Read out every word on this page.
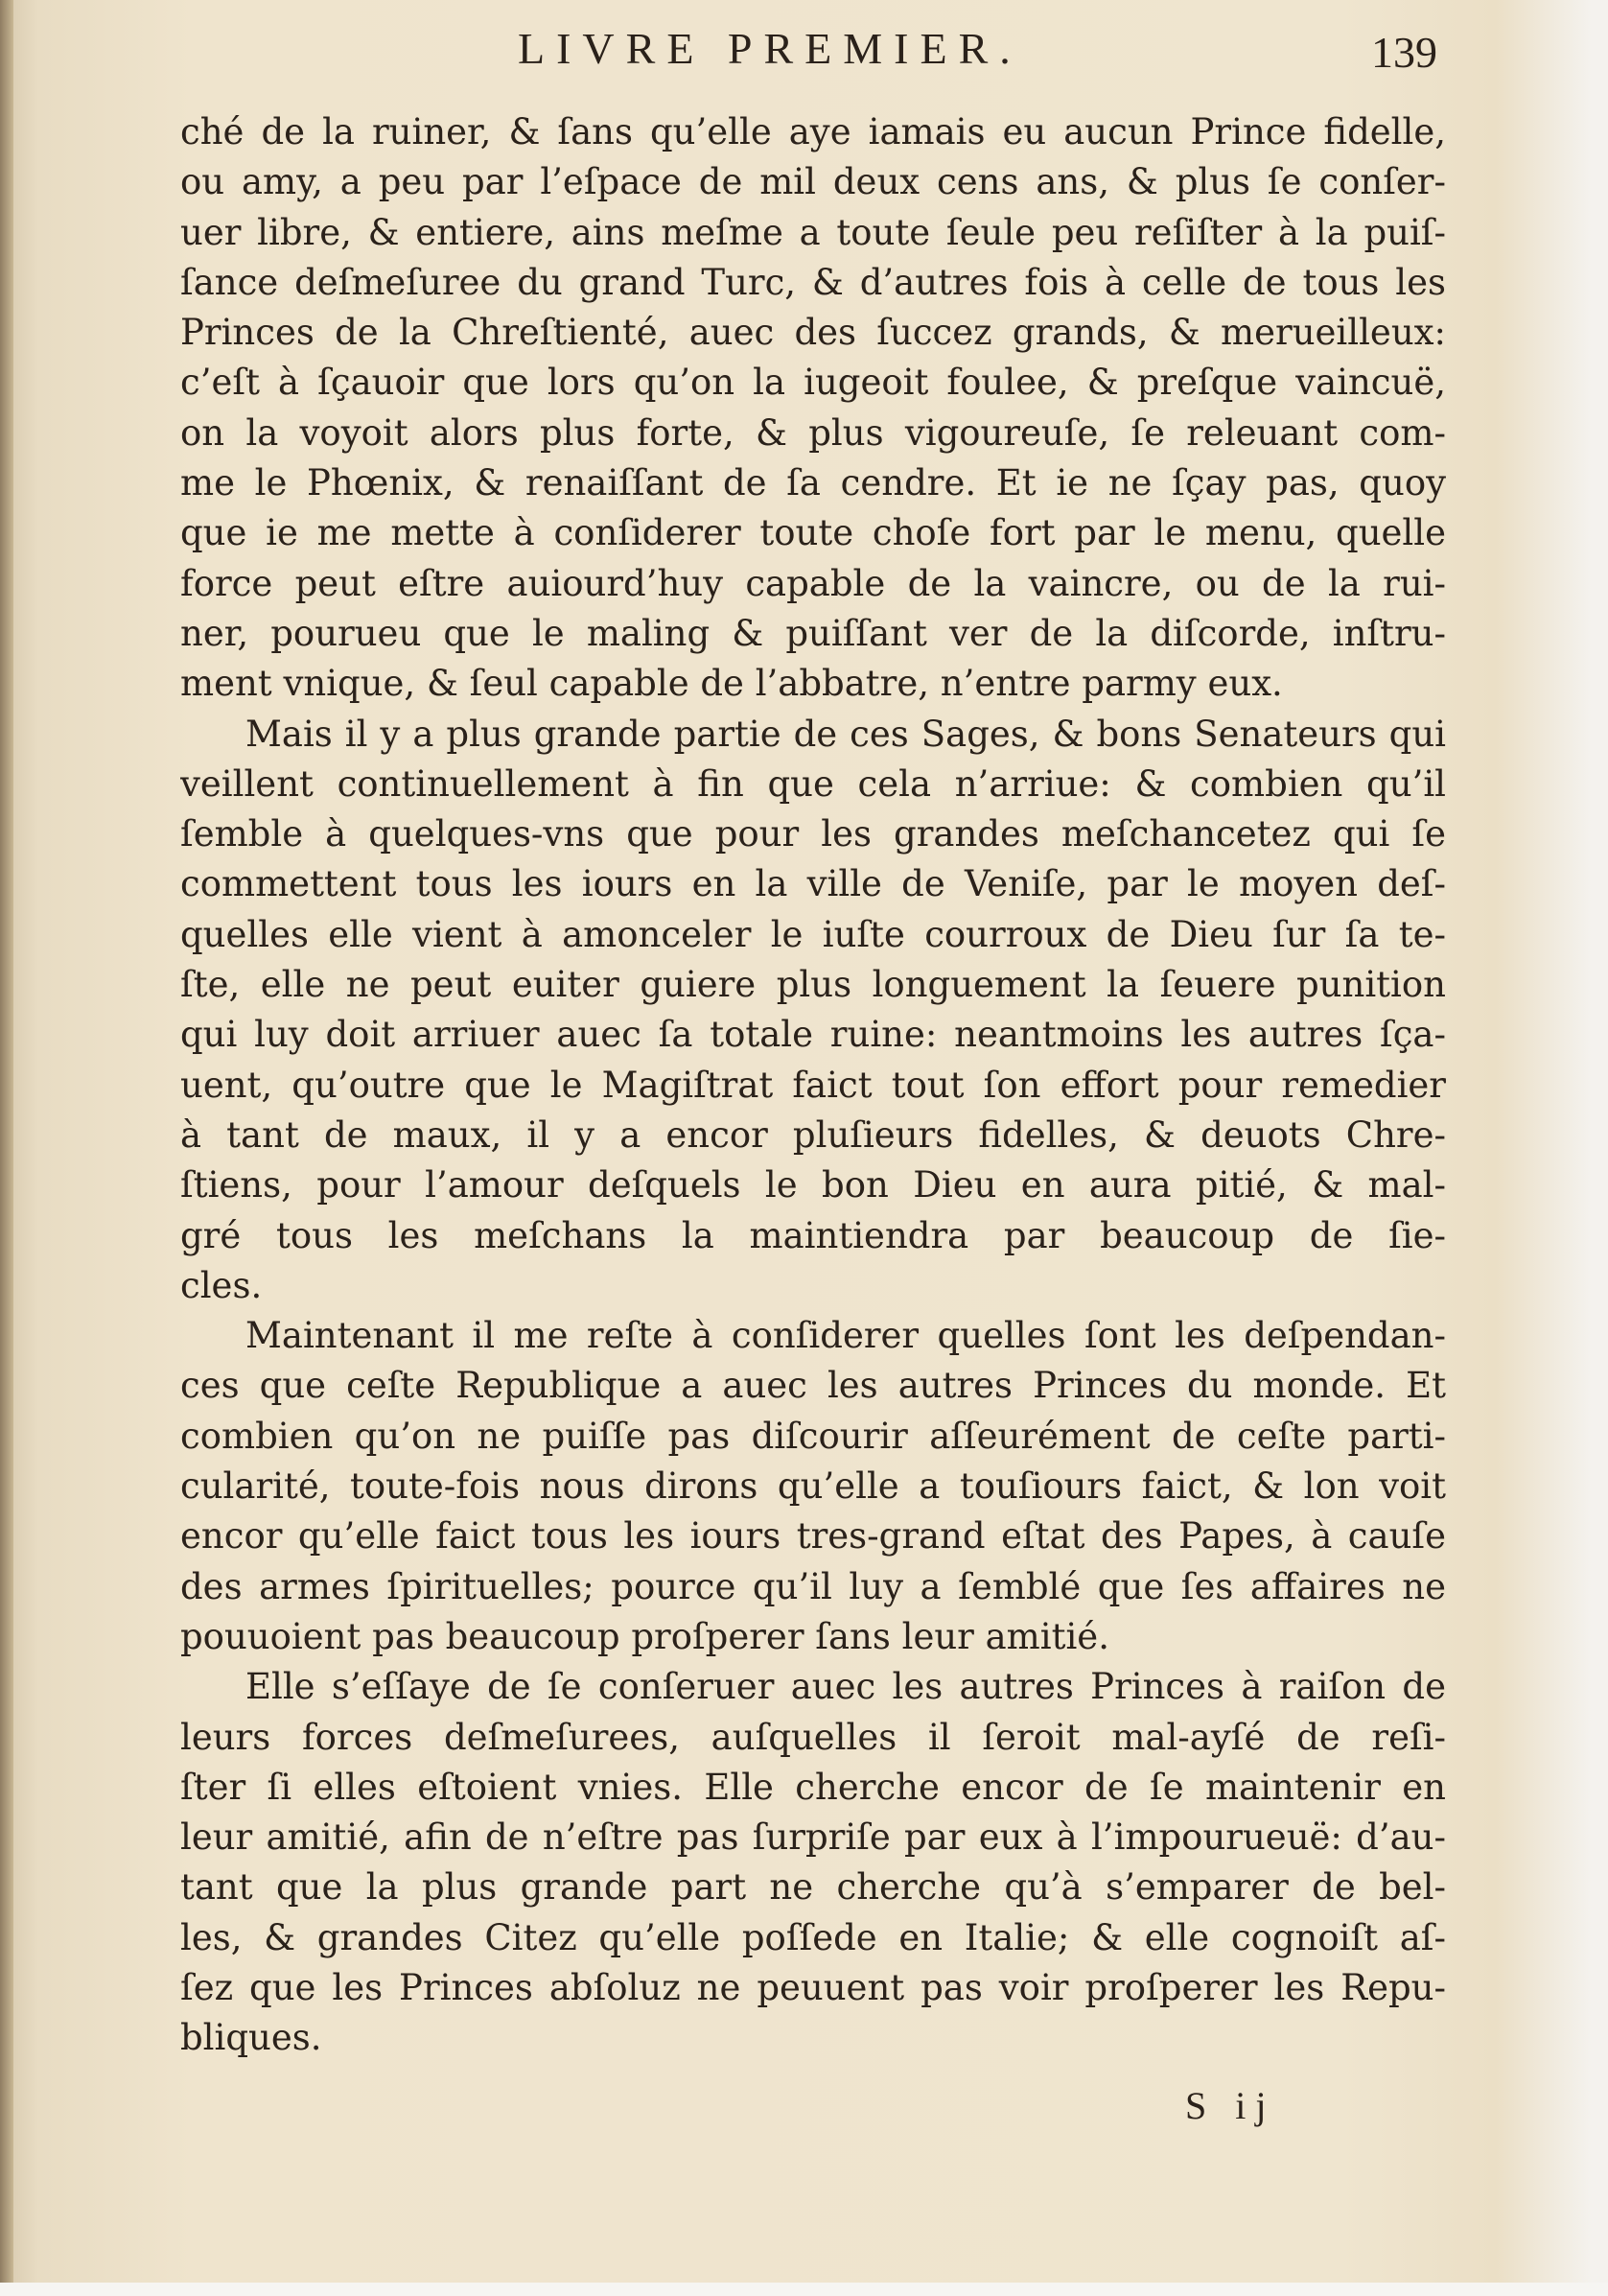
LIVRE PREMIER.	139
ché de la ruiner, & ſans qu’elle aye iamais eu aucun Prince fidelle,
ou amy, a peu par l’eſpace de mil deux cens ans, & plus ſe conſer-
uer libre, & entiere, ains meſme a toute ſeule peu reſiſter à la puiſ-
ſance deſmeſuree du grand Turc, & d’autres fois à celle de tous les
Princes de la Chreſtienté, auec des ſuccez grands, & merueilleux:
c’eſt à ſçauoir que lors qu’on la iugeoit foulee, & preſque vaincuë,
on la voyoit alors plus forte, & plus vigoureuſe, ſe releuant com-
me le Phœnix, & renaiſſant de ſa cendre. Et ie ne ſçay pas, quoy
que ie me mette à conſiderer toute choſe fort par le menu, quelle
force peut eſtre auiourd’huy capable de la vaincre, ou de la rui-
ner, pourueu que le maling & puiſſant ver de la diſcorde, inſtru-
ment vnique, & ſeul capable de l’abbatre, n’entre parmy eux.
Mais il y a plus grande partie de ces Sages, & bons Senateurs qui
veillent continuellement à fin que cela n’arriue: & combien qu’il
ſemble à quelques-vns que pour les grandes meſchancetez qui ſe
commettent tous les iours en la ville de Veniſe, par le moyen deſ-
quelles elle vient à amonceler le iuſte courroux de Dieu ſur ſa te-
ſte, elle ne peut euiter guiere plus longuement la ſeuere punition
qui luy doit arriuer auec ſa totale ruine: neantmoins les autres ſça-
uent, qu’outre que le Magiſtrat faict tout ſon effort pour remedier
à tant de maux, il y a encor pluſieurs fidelles, & deuots Chre-
ſtiens, pour l’amour deſquels le bon Dieu en aura pitié, & mal-
gré tous les meſchans la maintiendra par beaucoup de ſie-
cles.
Maintenant il me reſte à conſiderer quelles ſont les deſpendan-
ces que ceſte Republique a auec les autres Princes du monde. Et
combien qu’on ne puiſſe pas diſcourir aſſeurément de ceſte parti-
cularité, toute-fois nous dirons qu’elle a touſiours faict, & lon voit
encor qu’elle faict tous les iours tres-grand eſtat des Papes, à cauſe
des armes ſpirituelles; pource qu’il luy a ſemblé que ſes affaires ne
pouuoient pas beaucoup proſperer ſans leur amitié.
Elle s’eſſaye de ſe conſeruer auec les autres Princes à raiſon de
leurs forces deſmeſurees, auſquelles il ſeroit mal-ayſé de reſi-
ſter ſi elles eſtoient vnies. Elle cherche encor de ſe maintenir en
leur amitié, afin de n’eſtre pas ſurpriſe par eux à l’impourueuë: d’au-
tant que la plus grande part ne cherche qu’à s’emparer de bel-
les, & grandes Citez qu’elle poſſede en Italie; & elle cognoiſt aſ-
ſez que les Princes abſoluz ne peuuent pas voir proſperer les Repu-
bliques.
S ij
